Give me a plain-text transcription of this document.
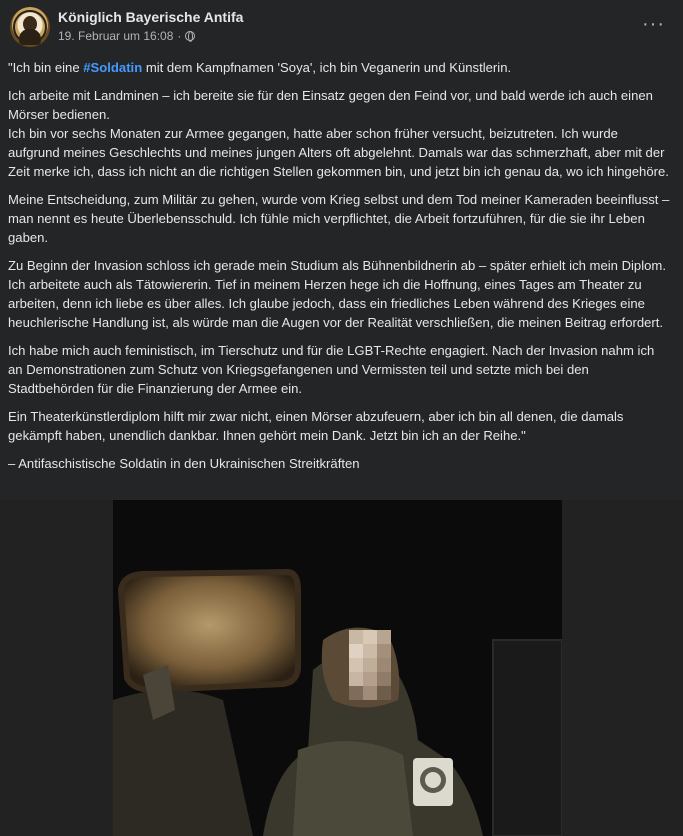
Königlich Bayerische Antifa
19. Februar um 16:08 ·
···

"Ich bin eine #Soldatin mit dem Kampfnamen 'Soya', ich bin Veganerin und Künstlerin.

Ich arbeite mit Landminen – ich bereite sie für den Einsatz gegen den Feind vor, und bald werde ich auch einen Mörser bedienen.
Ich bin vor sechs Monaten zur Armee gegangen, hatte aber schon früher versucht, beizutreten. Ich wurde aufgrund meines Geschlechts und meines jungen Alters oft abgelehnt. Damals war das schmerzhaft, aber mit der Zeit merke ich, dass ich nicht an die richtigen Stellen gekommen bin, und jetzt bin ich genau da, wo ich hingehöre.

Meine Entscheidung, zum Militär zu gehen, wurde vom Krieg selbst und dem Tod meiner Kameraden beeinflusst – man nennt es heute Überlebensschuld. Ich fühle mich verpflichtet, die Arbeit fortzuführen, für die sie ihr Leben gaben.

Zu Beginn der Invasion schloss ich gerade mein Studium als Bühnenbildnerin ab – später erhielt ich mein Diplom. Ich arbeitete auch als Tätowiererin. Tief in meinem Herzen hege ich die Hoffnung, eines Tages am Theater zu arbeiten, denn ich liebe es über alles. Ich glaube jedoch, dass ein friedliches Leben während des Krieges eine heuchlerische Handlung ist, als würde man die Augen vor der Realität verschließen, die meinen Beitrag erfordert.

Ich habe mich auch feministisch, im Tierschutz und für die LGBT-Rechte engagiert. Nach der Invasion nahm ich an Demonstrationen zum Schutz von Kriegsgefangenen und Vermissten teil und setzte mich bei den Stadtbehörden für die Finanzierung der Armee ein.

Ein Theaterkünstlerdiplom hilft mir zwar nicht, einen Mörser abzufeuern, aber ich bin all denen, die damals gekämpft haben, unendlich dankbar. Ihnen gehört mein Dank. Jetzt bin ich an der Reihe."

– Antifaschistische Soldatin in den Ukrainischen Streitkräften
